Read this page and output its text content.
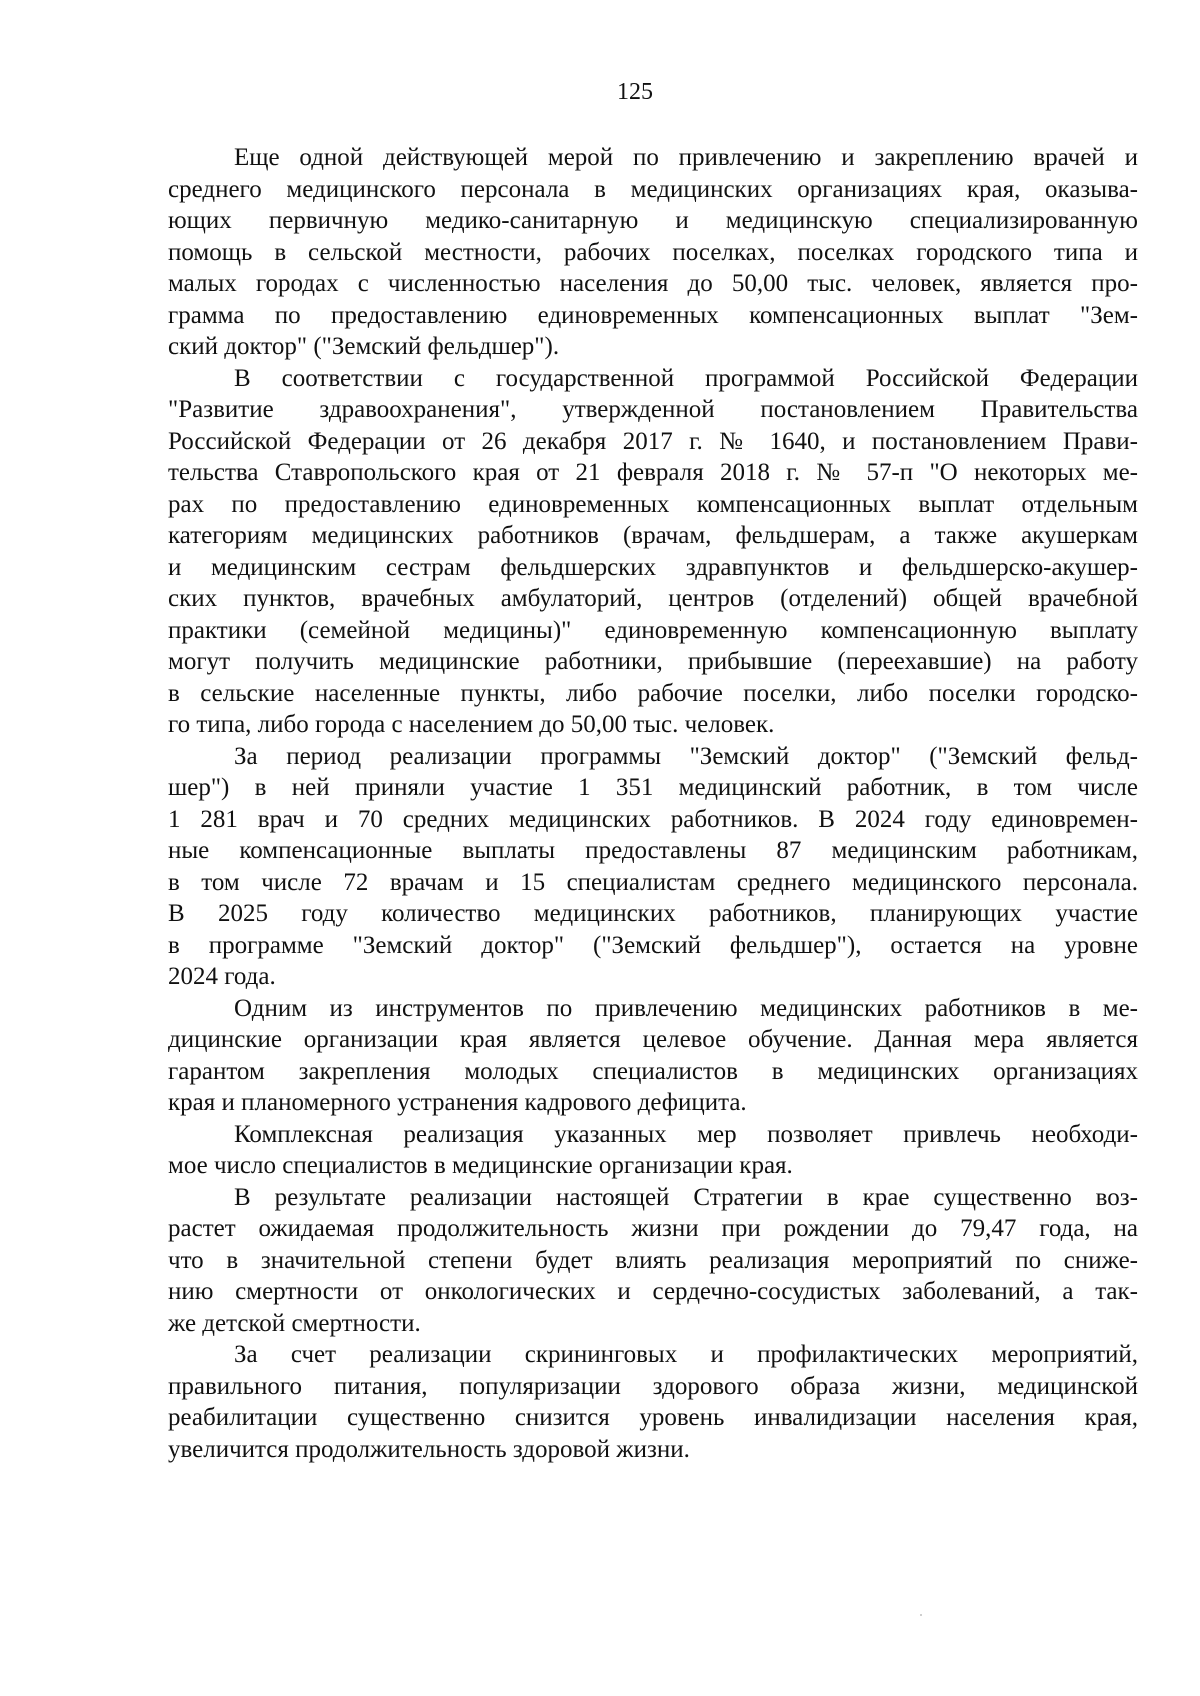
125

Еще одной действующей мерой по привлечению и закреплению врачей и
среднего медицинского персонала в медицинских организациях края, оказыва-
ющих первичную медико-санитарную и медицинскую специализированную
помощь в сельской местности, рабочих поселках, поселках городского типа и
малых городах с численностью населения до 50,00 тыс. человек, является про-
грамма по предоставлению единовременных компенсационных выплат "Зем-
ский доктор" ("Земский фельдшер").

В соответствии с государственной программой Российской Федерации
"Развитие здравоохранения", утвержденной постановлением Правительства
Российской Федерации от 26 декабря 2017 г. № 1640, и постановлением Прави-
тельства Ставропольского края от 21 февраля 2018 г. № 57-п "О некоторых ме-
рах по предоставлению единовременных компенсационных выплат отдельным
категориям медицинских работников (врачам, фельдшерам, а также акушеркам
и медицинским сестрам фельдшерских здравпунктов и фельдшерско-акушер-
ских пунктов, врачебных амбулаторий, центров (отделений) общей врачебной
практики (семейной медицины)" единовременную компенсационную выплату
могут получить медицинские работники, прибывшие (переехавшие) на работу
в сельские населенные пункты, либо рабочие поселки, либо поселки городско-
го типа, либо города с населением до 50,00 тыс. человек.

За период реализации программы "Земский доктор" ("Земский фельд-
шер") в ней приняли участие 1 351 медицинский работник, в том числе
1 281 врач и 70 средних медицинских работников. В 2024 году единовремен-
ные компенсационные выплаты предоставлены 87 медицинским работникам,
в том числе 72 врачам и 15 специалистам среднего медицинского персонала.
В 2025 году количество медицинских работников, планирующих участие
в программе "Земский доктор" ("Земский фельдшер"), остается на уровне
2024 года.

Одним из инструментов по привлечению медицинских работников в ме-
дицинские организации края является целевое обучение. Данная мера является
гарантом закрепления молодых специалистов в медицинских организациях
края и планомерного устранения кадрового дефицита.

Комплексная реализация указанных мер позволяет привлечь необходи-
мое число специалистов в медицинские организации края.

В результате реализации настоящей Стратегии в крае существенно воз-
растет ожидаемая продолжительность жизни при рождении до 79,47 года, на
что в значительной степени будет влиять реализация мероприятий по сниже-
нию смертности от онкологических и сердечно-сосудистых заболеваний, а так-
же детской смертности.

За счет реализации скрининговых и профилактических мероприятий,
правильного питания, популяризации здорового образа жизни, медицинской
реабилитации существенно снизится уровень инвалидизации населения края,
увеличится продолжительность здоровой жизни.
